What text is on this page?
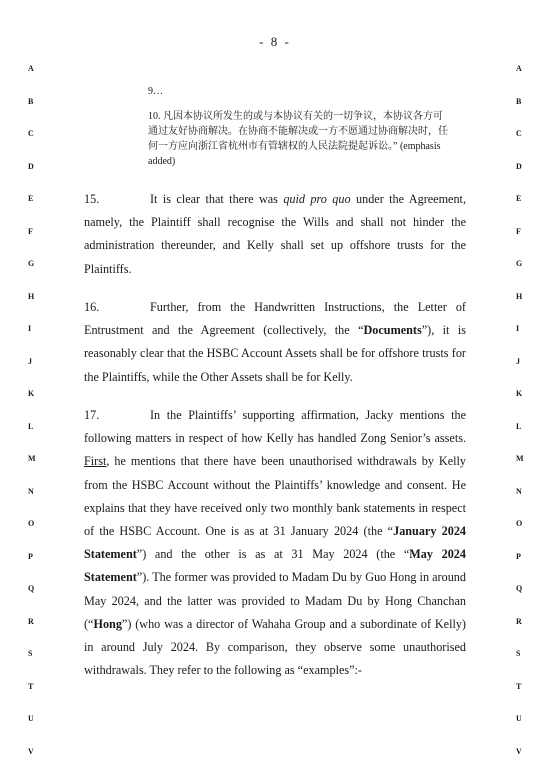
- 8 -
A
B
C
D
E
F
G
H
I
J
K
L
M
N
O
P
Q
R
S
T
U
V
A
B
C
D
E
F
G
H
I
J
K
L
M
N
O
P
Q
R
S
T
U
V
9…
10. 凡因本协议所发生的或与本协议有关的一切争议，本协议各方可通过友好协商解决。在协商不能解决或一方不愿通过协商解决时，任何一方应向浙江省杭州市有管辖权的人民法院提起诉讼。” (emphasis added)
15.	It is clear that there was quid pro quo under the Agreement, namely, the Plaintiff shall recognise the Wills and shall not hinder the administration thereunder, and Kelly shall set up offshore trusts for the Plaintiffs.
16.	Further, from the Handwritten Instructions, the Letter of Entrustment and the Agreement (collectively, the “Documents”), it is reasonably clear that the HSBC Account Assets shall be for offshore trusts for the Plaintiffs, while the Other Assets shall be for Kelly.
17.	In the Plaintiffs’ supporting affirmation, Jacky mentions the following matters in respect of how Kelly has handled Zong Senior’s assets. First, he mentions that there have been unauthorised withdrawals by Kelly from the HSBC Account without the Plaintiffs’ knowledge and consent. He explains that they have received only two monthly bank statements in respect of the HSBC Account. One is as at 31 January 2024 (the “January 2024 Statement”) and the other is as at 31 May 2024 (the “May 2024 Statement”). The former was provided to Madam Du by Guo Hong in around May 2024, and the latter was provided to Madam Du by Hong Chanchan (“Hong”) (who was a director of Wahaha Group and a subordinate of Kelly) in around July 2024. By comparison, they observe some unauthorised withdrawals. They refer to the following as “examples”:-
